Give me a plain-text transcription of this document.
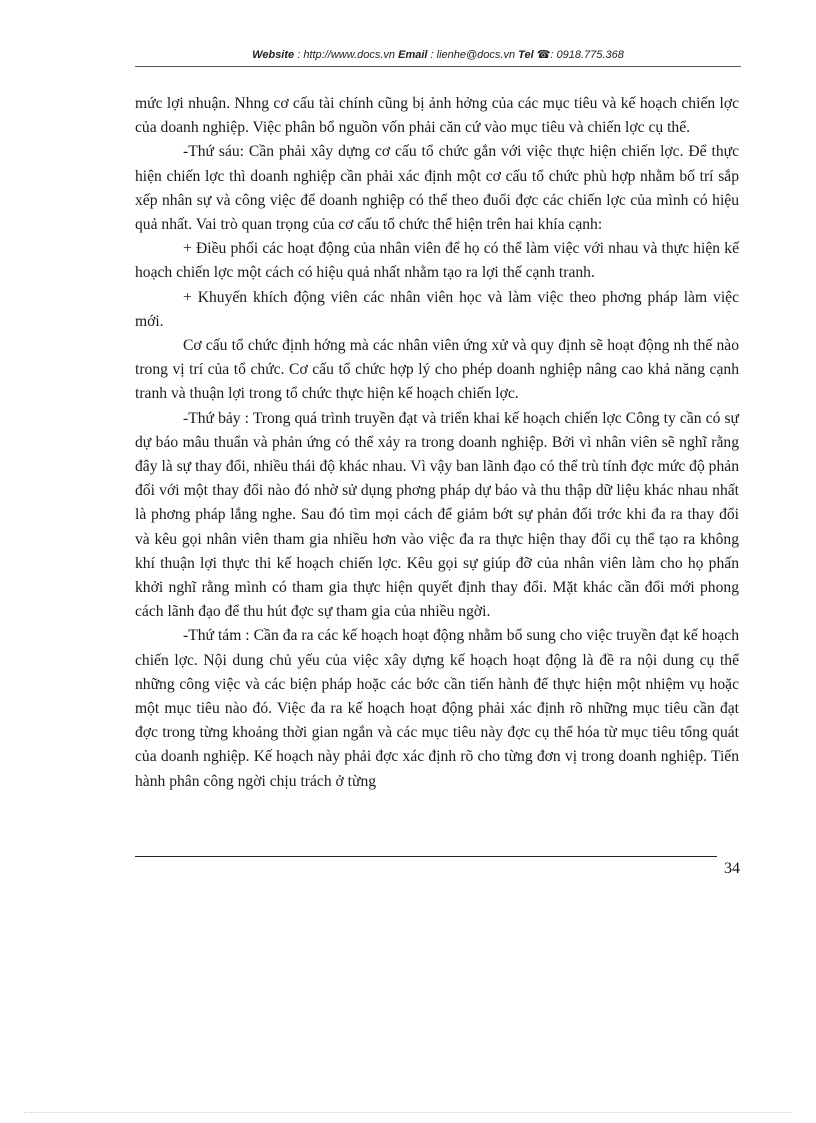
Website : http://www.docs.vn Email : lienhe@docs.vn Tel ☎: 0918.775.368

mức lợi nhuận. Nhng cơ cấu tài chính cũng bị ảnh hởng của các mục tiêu và kế hoạch chiến lợc của doanh nghiệp. Việc phân bổ nguồn vốn phải căn cứ vào mục tiêu và chiến lợc cụ thể.

-Thứ sáu: Cần phải xây dựng cơ cấu tổ chức gắn với việc thực hiện chiến lợc. Để thực hiện chiến lợc thì doanh nghiệp cần phải xác định một cơ cấu tổ chức phù hợp nhằm bố trí sắp xếp nhân sự và công việc để doanh nghiệp có thể theo đuổi đợc các chiến lợc của mình có hiệu quả nhất. Vai trò quan trọng của cơ cấu tổ chức thể hiện trên hai khía cạnh:

+ Điều phối các hoạt động của nhân viên để họ có thể làm việc với nhau và thực hiện kế hoạch chiến lợc một cách có hiệu quả nhất nhằm tạo ra lợi thế cạnh tranh.

+ Khuyến khích động viên các nhân viên học và làm việc theo phơng pháp làm việc mới.

Cơ cấu tổ chức định hớng mà các nhân viên ứng xử và quy định sẽ hoạt động nh thế nào trong vị trí của tổ chức. Cơ cấu tổ chức hợp lý cho phép doanh nghiệp nâng cao khả năng cạnh tranh và thuận lợi trong tổ chức thực hiện kế hoạch chiến lợc.

-Thứ bảy : Trong quá trình truyền đạt và triển khai kế hoạch chiến lợc Công ty cần có sự dự báo mâu thuẩn và phản ứng có thể xảy ra trong doanh nghiệp. Bởi vì nhân viên sẽ nghĩ rằng đây là sự thay đổi, nhiều thái độ khác nhau. Vì vậy ban lãnh đạo có thể trù tính đợc mức độ phản đối với một thay đổi nào đó nhờ sử dụng phơng pháp dự báo và thu thập dữ liệu khác nhau nhất là phơng pháp lắng nghe. Sau đó tìm mọi cách để giảm bớt sự phản đối trớc khi đa ra thay đổi và kêu gọi nhân viên tham gia nhiều hơn vào việc đa ra thực hiện thay đổi cụ thể tạo ra không khí thuận lợi thực thi kế hoạch chiến lợc. Kêu gọi sự giúp đỡ của nhân viên làm cho họ phấn khởi nghĩ rằng mình có tham gia thực hiện quyết định thay đổi. Mặt khác cần đổi mới phong cách lãnh đạo để thu hút đợc sự tham gia của nhiều ngời.

-Thứ tám : Cần đa ra các kế hoạch hoạt động nhằm bổ sung cho việc truyền đạt kế hoạch chiến lợc. Nội dung chủ yếu của việc xây dựng kế hoạch hoạt động là đề ra nội dung cụ thể những công việc và các biện pháp hoặc các bớc cần tiến hành để thực hiện một nhiệm vụ hoặc một mục tiêu nào đó. Việc đa ra kế hoạch hoạt động phải xác định rõ những mục tiêu cần đạt đợc trong từng khoảng thời gian ngắn và các mục tiêu này đợc cụ thể hóa từ mục tiêu tổng quát của doanh nghiệp. Kế hoạch này phải đợc xác định rõ cho từng đơn vị trong doanh nghiệp. Tiến hành phân công ngời chịu trách ở từng

34
